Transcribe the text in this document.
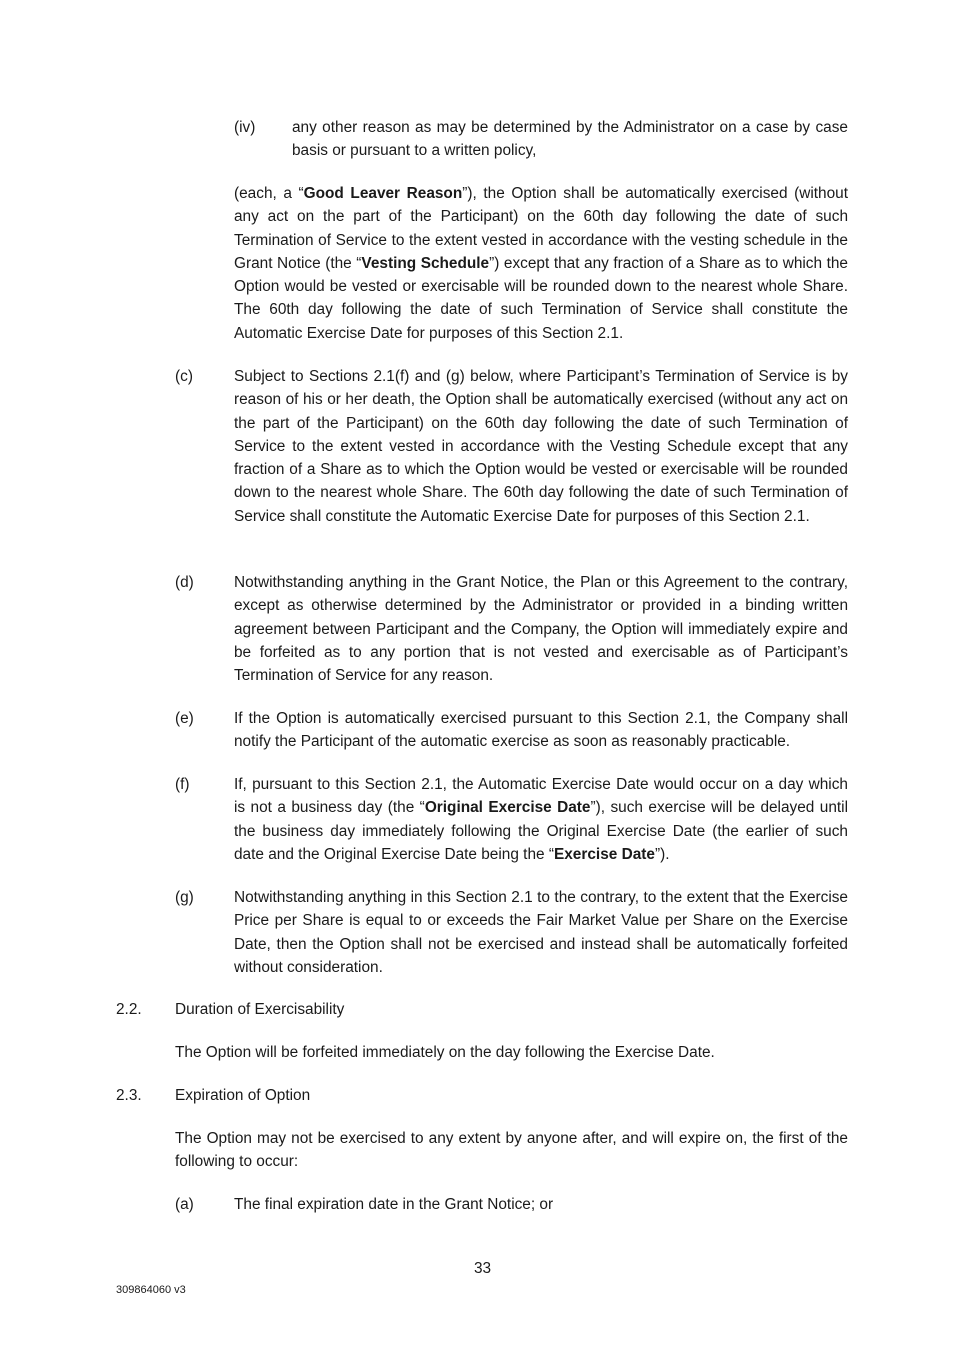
(iv) any other reason as may be determined by the Administrator on a case by case basis or pursuant to a written policy,

(each, a “Good Leaver Reason”), the Option shall be automatically exercised (without any act on the part of the Participant) on the 60th day following the date of such Termination of Service to the extent vested in accordance with the vesting schedule in the Grant Notice (the “Vesting Schedule”) except that any fraction of a Share as to which the Option would be vested or exercisable will be rounded down to the nearest whole Share. The 60th day following the date of such Termination of Service shall constitute the Automatic Exercise Date for purposes of this Section 2.1.

(c)	Subject to Sections 2.1(f) and (g) below, where Participant’s Termination of Service is by reason of his or her death, the Option shall be automatically exercised (without any act on the part of the Participant) on the 60th day following the date of such Termination of Service to the extent vested in accordance with the Vesting Schedule except that any fraction of a Share as to which the Option would be vested or exercisable will be rounded down to the nearest whole Share. The 60th day following the date of such Termination of Service shall constitute the Automatic Exercise Date for purposes of this Section 2.1.

(d)	Notwithstanding anything in the Grant Notice, the Plan or this Agreement to the contrary, except as otherwise determined by the Administrator or provided in a binding written agreement between Participant and the Company, the Option will immediately expire and be forfeited as to any portion that is not vested and exercisable as of Participant’s Termination of Service for any reason.

(e)	If the Option is automatically exercised pursuant to this Section 2.1, the Company shall notify the Participant of the automatic exercise as soon as reasonably practicable.

(f)	If, pursuant to this Section 2.1, the Automatic Exercise Date would occur on a day which is not a business day (the “Original Exercise Date”), such exercise will be delayed until the business day immediately following the Original Exercise Date (the earlier of such date and the Original Exercise Date being the “Exercise Date”).

(g)	Notwithstanding anything in this Section 2.1 to the contrary, to the extent that the Exercise Price per Share is equal to or exceeds the Fair Market Value per Share on the Exercise Date, then the Option shall not be exercised and instead shall be automatically forfeited without consideration.

2.2. Duration of Exercisability

The Option will be forfeited immediately on the day following the Exercise Date.

2.3. Expiration of Option

The Option may not be exercised to any extent by anyone after, and will expire on, the first of the following to occur:

(a)	The final expiration date in the Grant Notice; or

33
309864060 v3
